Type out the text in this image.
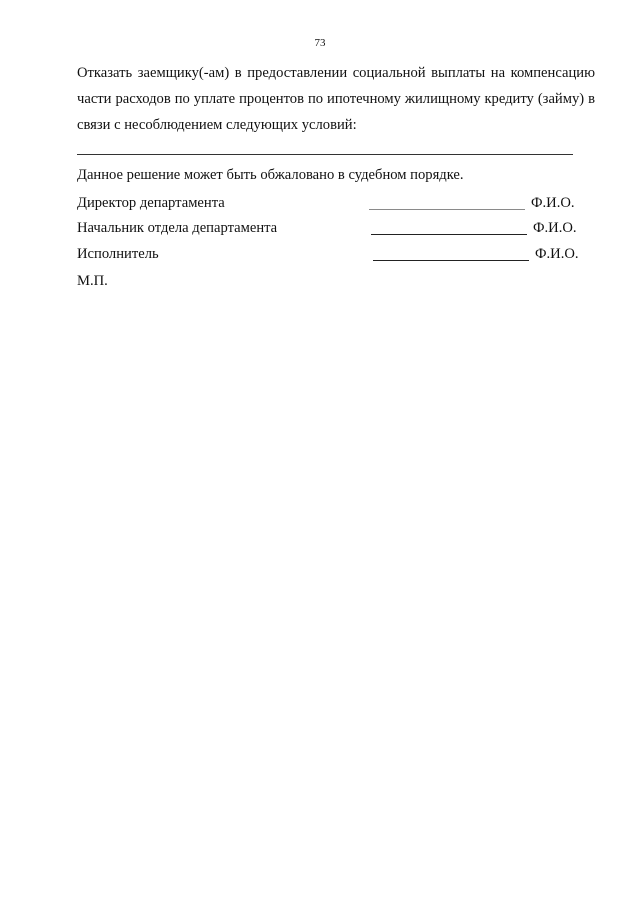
73
Отказать заемщику(-ам) в предоставлении социальной выплаты на компенсацию части расходов по уплате процентов по ипотечному жилищному кредиту (займу) в связи с несоблюдением следующих условий:
Данное решение может быть обжаловано в судебном порядке.
Директор департамента	Ф.И.О.
Начальник отдела департамента	Ф.И.О.
Исполнитель	Ф.И.О.
М.П.
